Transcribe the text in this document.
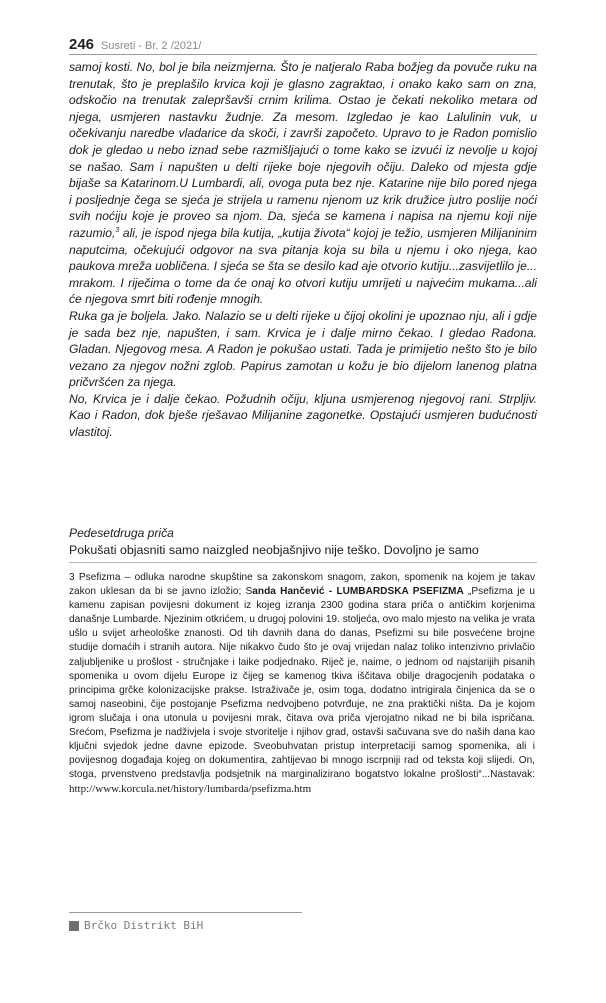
246 Susreti - Br. 2 /2021/

samoj kosti. No, bol je bila neizmjerna. Što je natjeralo Raba božjeg da povuče ruku na trenutak, što je preplašilo krvica koji je glasno zagraktao, i onako kako sam on zna, odskočio na trenutak zalepršavši crnim krilima. Ostao je čekati nekoliko metara od njega, usmjeren nastavku žudnje. Za mesom. Izgledao je kao Lalulinin vuk, u očekivanju naredbe vladarice da skoči, i završi započeto. Upravo to je Radon pomislio dok je gledao u nebo iznad sebe razmišljajući o tome kako se izvući iz nevolje u kojoj se našao. Sam i napušten u delti rijeke boje njegovih očiju. Daleko od mjesta gdje bijaše sa Katarinom.U Lumbardi, ali, ovoga puta bez nje. Katarine nije bilo pored njega i posljednje čega se sjeća je strijela u ramenu njenom uz krik družice jutro poslije noći svih noćiju koje je proveo sa njom. Da, sjeća se kamena i napisa na njemu koji nije razumio,$^3$ ali, je ispod njega bila kutija, „kutija života“ kojoj je težio, usmjeren Milijaninim naputcima, očekujući odgovor na sva pitanja koja su bila u njemu i oko njega, kao paukova mreža uobličena. I sjeća se šta se desilo kad aje otvorio kutiju...zasvijetlilo je... mrakom. I riječima o tome da će onaj ko otvori kutiju umrijeti u najvećim mukama...ali će njegova smrt biti rođenje mnogih.

Ruka ga je boljela. Jako. Nalazio se u delti rijeke u čijoj okolini je upoznao nju, ali i gdje je sada bez nje, napušten, i sam. Krvica je i dalje mirno čekao. I gledao Radona. Gladan. Njegovog mesa. A Radon je pokušao ustati. Tada je primijetio nešto što je bilo vezano za njegov nožni zglob. Papirus zamotan u kožu je bio dijelom lanenog platna pričvršćen za njega.

No, Krvica je i dalje čekao. Požudnih očiju, kljuna usmjerenog njegovoj rani. Strpljiv. Kao i Radon, dok bješe rješavao Milijanine zagonetke. Opstajući usmjeren budućnosti vlastitoj.

Pedesetdruga priča
Pokušati objasniti samo naizgled neobjašnjivo nije teško. Dovoljno je samo
3 Psefizma – odluka narodne skupštine sa zakonskom snagom, zakon, spomenik na kojem je takav zakon uklesan da bi se javno izložio; Sanda Hančević - LUMBARDSKA PSEFIZMA „Psefizma je u kamenu zapisan povijesni dokument iz kojeg izranja 2300 godina stara priča o antičkim korjenima današnje Lumbarde. Njezinim otkrićem, u drugoj polovini 19. stoljeća, ovo malo mjesto na velika je vrata ušlo u svijet arheološke znanosti. Od tih davnih dana do danas, Psefizmi su bile posvećene brojne studije domaćih i stranih autora. Nije nikakvo čudo što je ovaj vrijedan nalaz toliko intenzivno privlačio zaljubljenike u prošlost - stručnjake i laike podjednako. Riječ je, naime, o jednom od najstarijih pisanih spomenika u ovom dijelu Europe iz čijeg se kamenog tkiva iščitava obilje dragocjenih podataka o principima grčke kolonizacijske prakse. Istraživače je, osim toga, dodatno intrigirala činjenica da se o samoj naseobini, čije postojanje Psefizma nedvojbeno potvrđuje, ne zna praktički ništa. Da je kojom igrom slučaja i ona utonula u povijesni mrak, čitava ova priča vjerojatno nikad ne bi bila ispričana. Srećom, Psefizma je nadživjela i svoje stvoritelje i njihov grad, ostavši sačuvana sve do naših dana kao ključni svjedok jedne davne epizode. Sveobuhvatan pristup interpretaciji samog spomenika, ali i povijesnog događaja kojeg on dokumentira, zahtijevao bi mnogo iscrpniji rad od teksta koji slijedi. On, stoga, prvenstveno predstavlja podsjetnik na marginalizirano bogatstvo lokalne prošlosti“...Nastavak: http://www.korcula.net/history/lumbarda/psefizma.htm
Brčko Distrikt BiH
